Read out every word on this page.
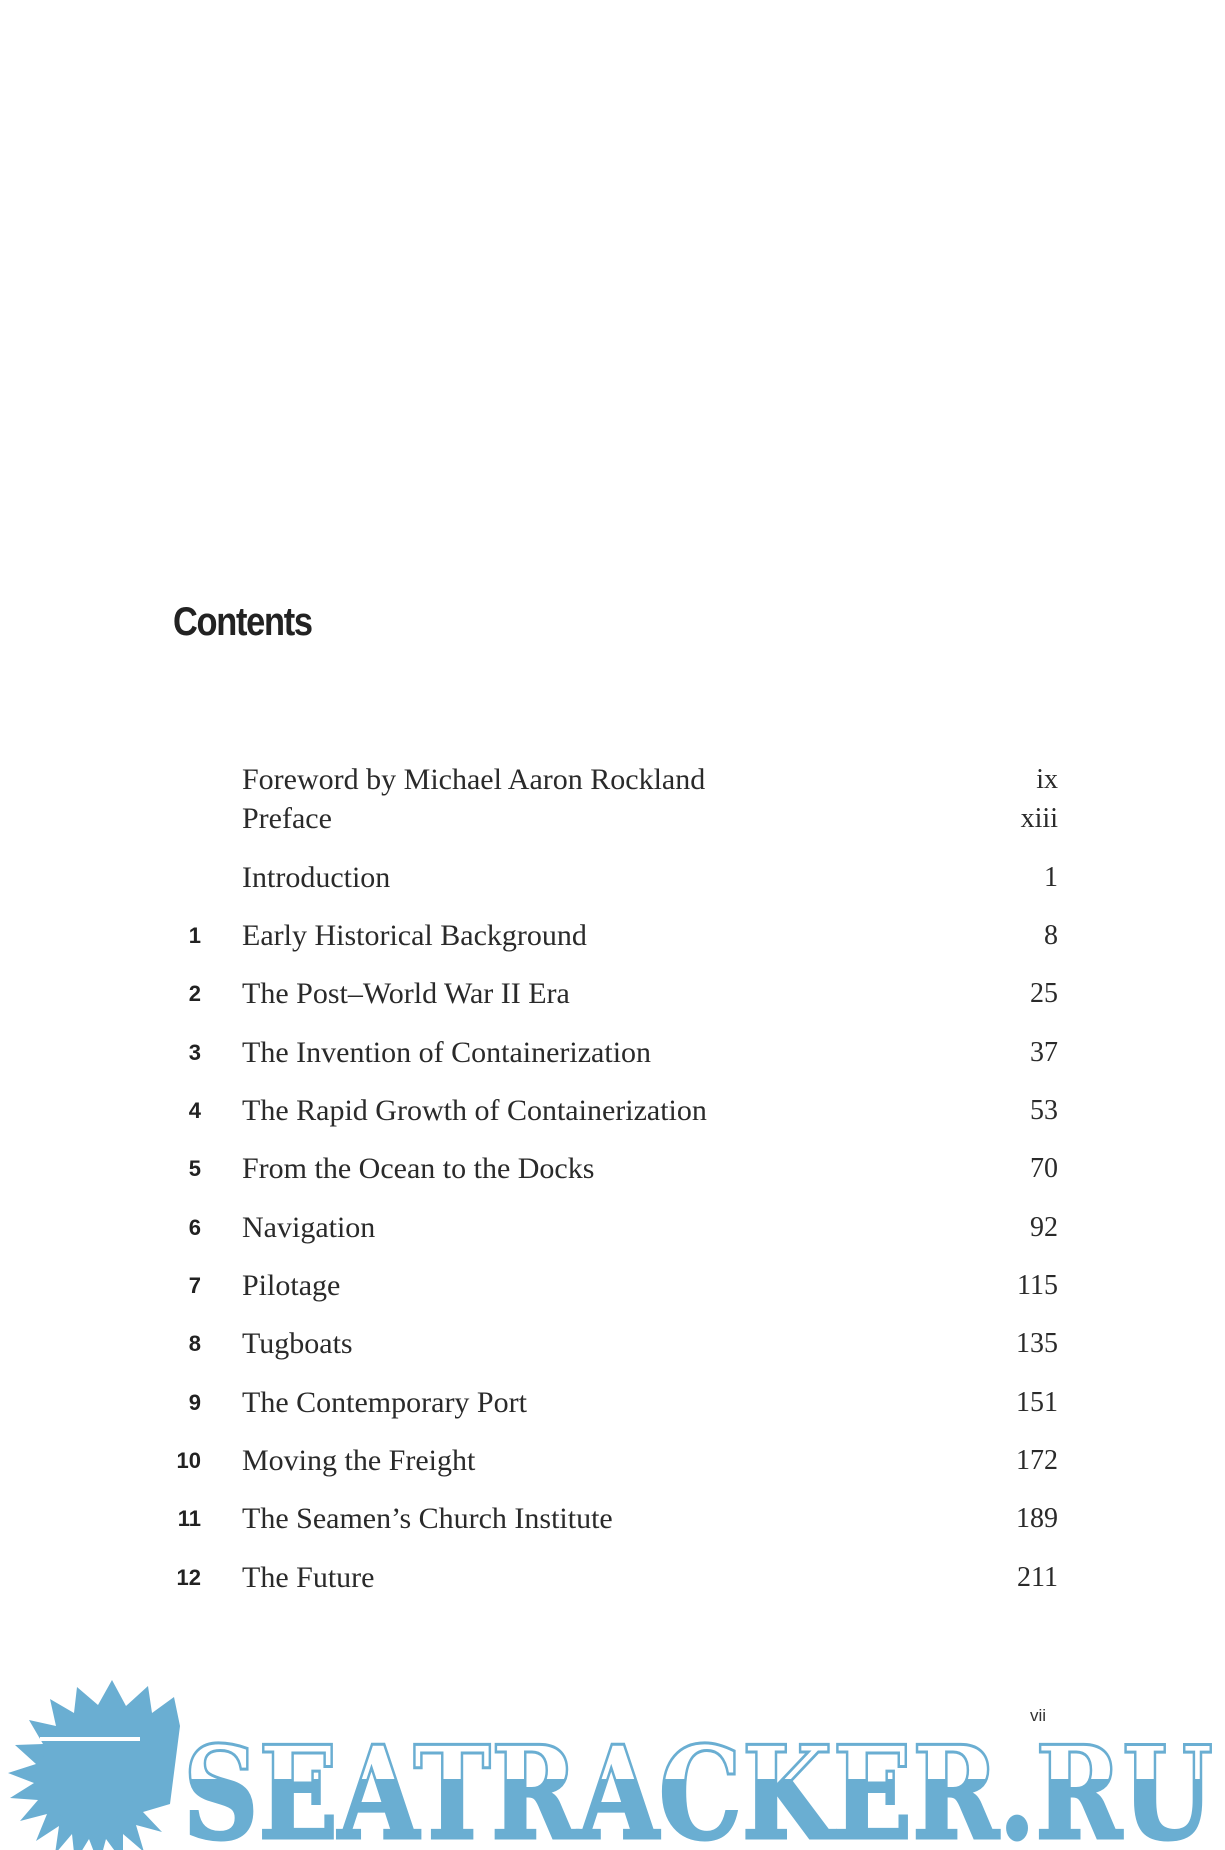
Contents
Foreword by Michael Aaron Rockland	ix
Preface	xiii
Introduction	1
1 Early Historical Background	8
2 The Post–World War II Era	25
3 The Invention of Containerization	37
4 The Rapid Growth of Containerization	53
5 From the Ocean to the Docks	70
6 Navigation	92
7 Pilotage	115
8 Tugboats	135
9 The Contemporary Port	151
10 Moving the Freight	172
11 The Seamen’s Church Institute	189
12 The Future	211
SEATRACKER.RU
vii
